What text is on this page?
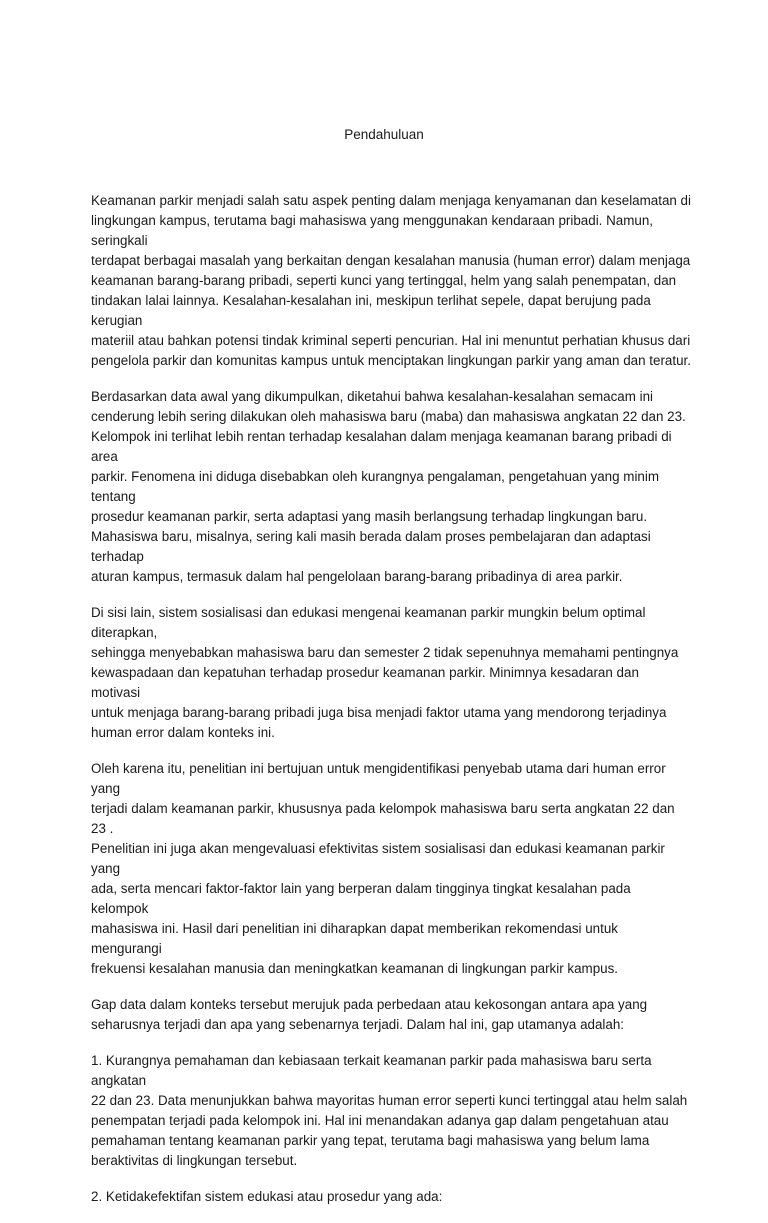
Pendahuluan

Keamanan parkir menjadi salah satu aspek penting dalam menjaga kenyamanan dan keselamatan di
lingkungan kampus, terutama bagi mahasiswa yang menggunakan kendaraan pribadi. Namun, seringkali
terdapat berbagai masalah yang berkaitan dengan kesalahan manusia (human error) dalam menjaga
keamanan barang-barang pribadi, seperti kunci yang tertinggal, helm yang salah penempatan, dan
tindakan lalai lainnya. Kesalahan-kesalahan ini, meskipun terlihat sepele, dapat berujung pada kerugian
materiil atau bahkan potensi tindak kriminal seperti pencurian. Hal ini menuntut perhatian khusus dari
pengelola parkir dan komunitas kampus untuk menciptakan lingkungan parkir yang aman dan teratur.

Berdasarkan data awal yang dikumpulkan, diketahui bahwa kesalahan-kesalahan semacam ini
cenderung lebih sering dilakukan oleh mahasiswa baru (maba) dan mahasiswa angkatan 22 dan 23.
Kelompok ini terlihat lebih rentan terhadap kesalahan dalam menjaga keamanan barang pribadi di area
parkir. Fenomena ini diduga disebabkan oleh kurangnya pengalaman, pengetahuan yang minim tentang
prosedur keamanan parkir, serta adaptasi yang masih berlangsung terhadap lingkungan baru.
Mahasiswa baru, misalnya, sering kali masih berada dalam proses pembelajaran dan adaptasi terhadap
aturan kampus, termasuk dalam hal pengelolaan barang-barang pribadinya di area parkir.

Di sisi lain, sistem sosialisasi dan edukasi mengenai keamanan parkir mungkin belum optimal diterapkan,
sehingga menyebabkan mahasiswa baru dan semester 2 tidak sepenuhnya memahami pentingnya
kewaspadaan dan kepatuhan terhadap prosedur keamanan parkir. Minimnya kesadaran dan motivasi
untuk menjaga barang-barang pribadi juga bisa menjadi faktor utama yang mendorong terjadinya
human error dalam konteks ini.

Oleh karena itu, penelitian ini bertujuan untuk mengidentifikasi penyebab utama dari human error yang
terjadi dalam keamanan parkir, khususnya pada kelompok mahasiswa baru serta angkatan 22 dan 23 .
Penelitian ini juga akan mengevaluasi efektivitas sistem sosialisasi dan edukasi keamanan parkir yang
ada, serta mencari faktor-faktor lain yang berperan dalam tingginya tingkat kesalahan pada kelompok
mahasiswa ini. Hasil dari penelitian ini diharapkan dapat memberikan rekomendasi untuk mengurangi
frekuensi kesalahan manusia dan meningkatkan keamanan di lingkungan parkir kampus.

Gap data dalam konteks tersebut merujuk pada perbedaan atau kekosongan antara apa yang
seharusnya terjadi dan apa yang sebenarnya terjadi. Dalam hal ini, gap utamanya adalah:

1. Kurangnya pemahaman dan kebiasaan terkait keamanan parkir pada mahasiswa baru serta angkatan
22 dan 23. Data menunjukkan bahwa mayoritas human error seperti kunci tertinggal atau helm salah
penempatan terjadi pada kelompok ini. Hal ini menandakan adanya gap dalam pengetahuan atau
pemahaman tentang keamanan parkir yang tepat, terutama bagi mahasiswa yang belum lama
beraktivitas di lingkungan tersebut.

2. Ketidakefektifan sistem edukasi atau prosedur yang ada:
